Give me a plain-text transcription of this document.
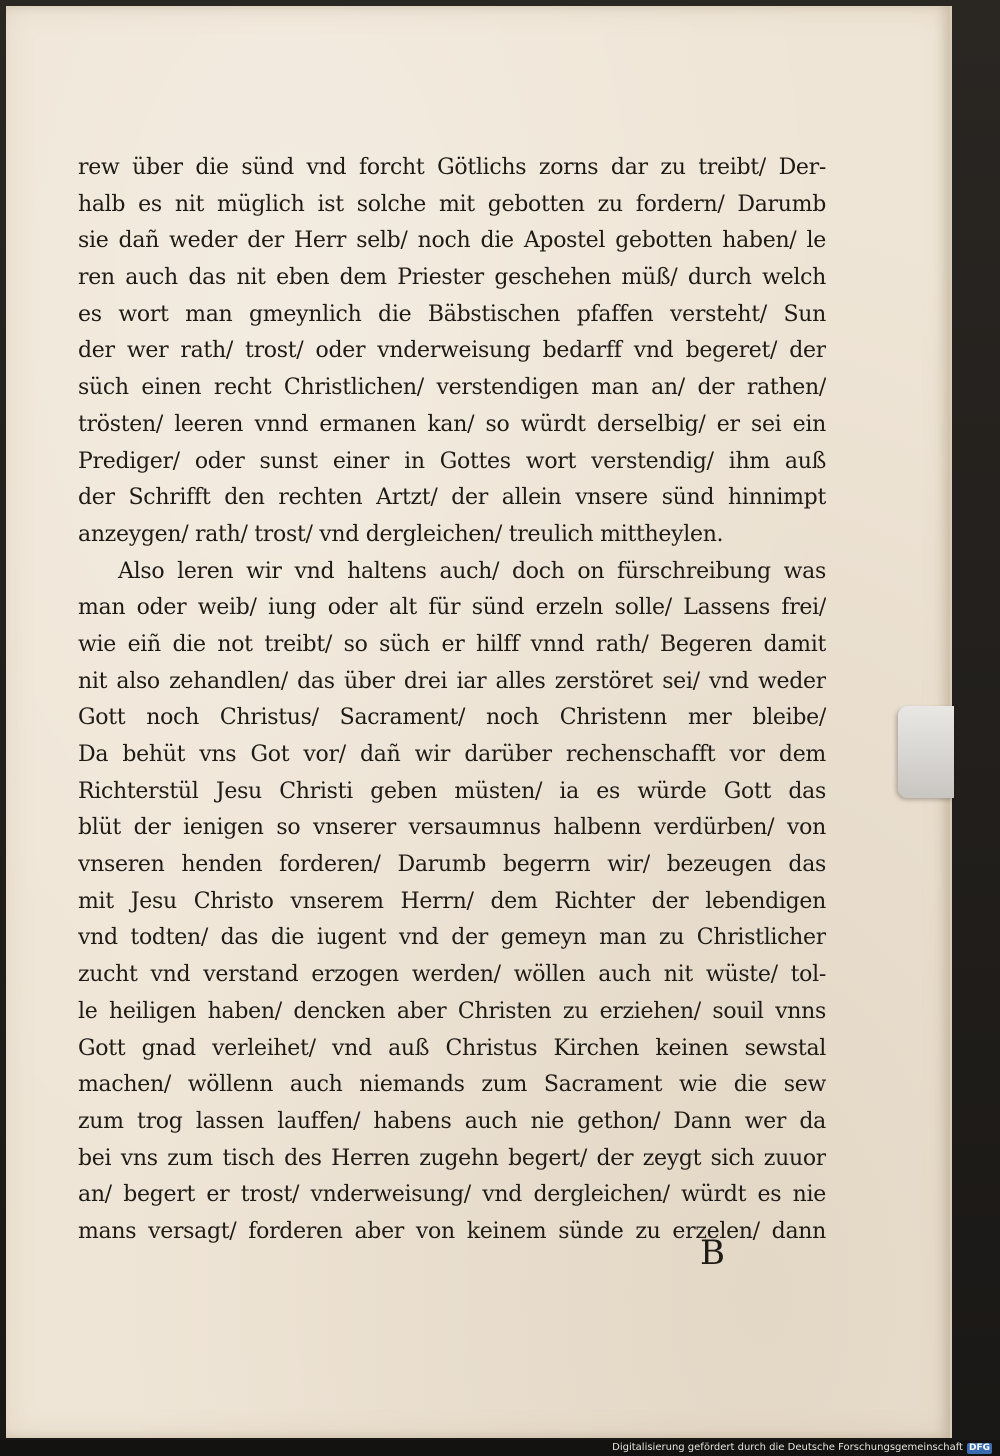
rew über die sünd vnd forcht Götlichs zorns dar zu treibt/ Der-
halb es nit müglich ist solche mit gebotten zu fordern/ Darumb
sie dañ weder der Herr selb/ noch die Apostel gebotten haben/ le
ren auch das nit eben dem Priester geschehen müß/ durch welch
es wort man gmeynlich die Bäbstischen pfaffen versteht/ Sun
der wer rath/ trost/ oder vnderweisung bedarff vnd begeret/ der
süch einen recht Christlichen/ verstendigen man an/ der rathen/
trösten/ leeren vnnd ermanen kan/ so würdt derselbig/ er sei ein
Prediger/ oder sunst einer in Gottes wort verstendig/ ihm auß
der Schrifft den rechten Artzt/ der allein vnsere sünd hinnimpt
anzeygen/ rath/ trost/ vnd dergleichen/ treulich mittheylen.
Also leren wir vnd haltens auch/ doch on fürschreibung was
man oder weib/ iung oder alt für sünd erzeln solle/ Lassens frei/
wie eiñ die not treibt/ so süch er hilff vnnd rath/ Begeren damit
nit also zehandlen/ das über drei iar alles zerstöret sei/ vnd weder
Gott noch Christus/ Sacrament/ noch Christenn mer bleibe/
Da behüt vns Got vor/ dañ wir darüber rechenschafft vor dem
Richterstül Jesu Christi geben müsten/ ia es würde Gott das
blüt der ienigen so vnserer versaumnus halbenn verdürben/ von
vnseren henden forderen/ Darumb begerrn wir/ bezeugen das
mit Jesu Christo vnserem Herrn/ dem Richter der lebendigen
vnd todten/ das die iugent vnd der gemeyn man zu Christlicher
zucht vnd verstand erzogen werden/ wöllen auch nit wüste/ tol-
le heiligen haben/ dencken aber Christen zu erziehen/ souil vnns
Gott gnad verleihet/ vnd auß Christus Kirchen keinen sewstal
machen/ wöllenn auch niemands zum Sacrament wie die sew
zum trog lassen lauffen/ habens auch nie gethon/ Dann wer da
bei vns zum tisch des Herren zugehn begert/ der zeygt sich zuuor
an/ begert er trost/ vnderweisung/ vnd dergleichen/ würdt es nie
mans versagt/ forderen aber von keinem sünde zu erzelen/ dann
B
Digitalisierung gefördert durch die Deutsche Forschungsgemeinschaft DFG
